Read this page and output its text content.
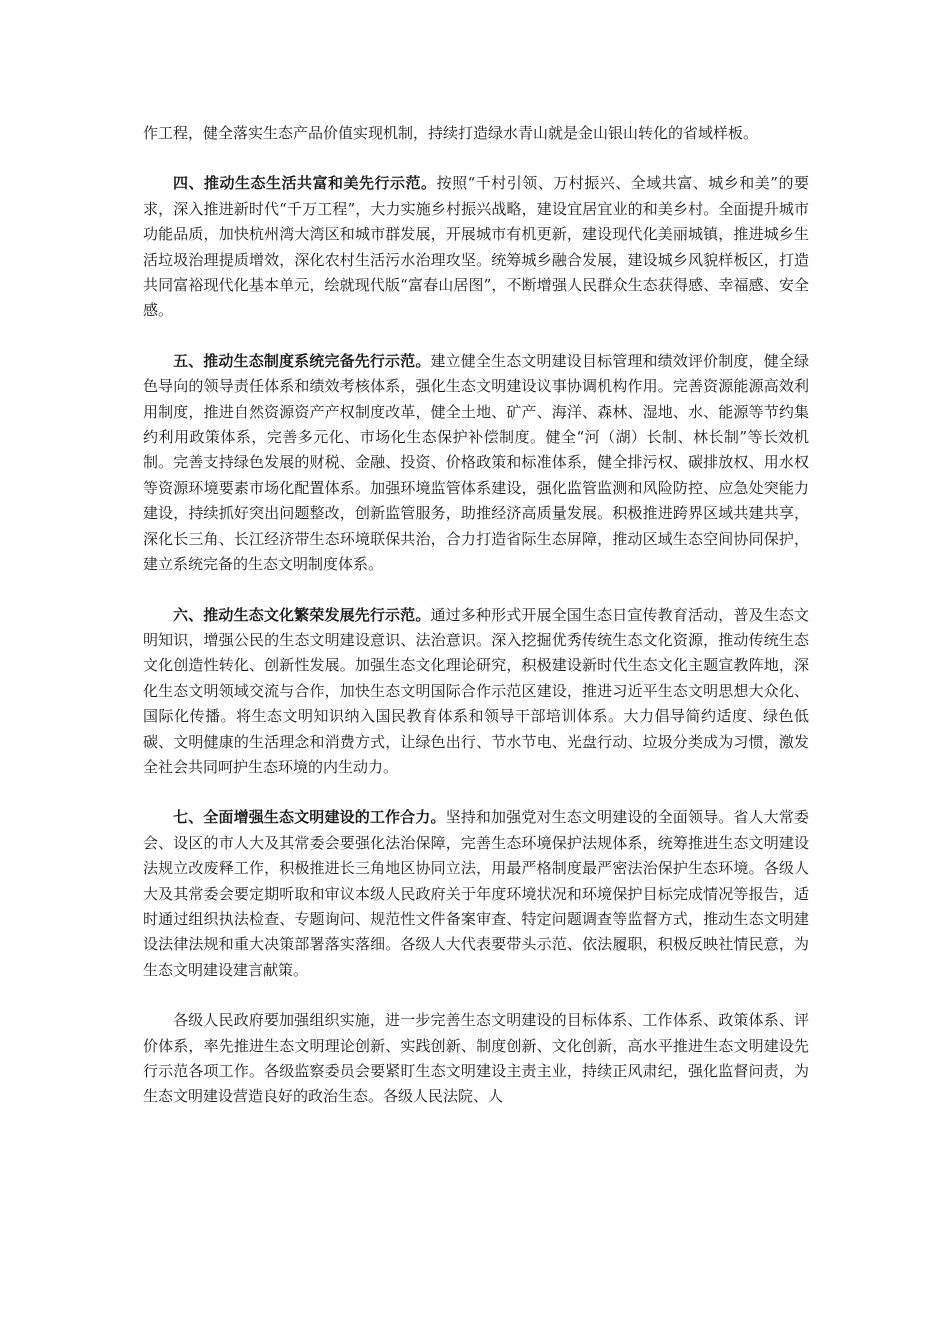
作工程，健全落实生态产品价值实现机制，持续打造绿水青山就是金山银山转化的省域样板。

四、推动生态生活共富和美先行示范。按照“千村引领、万村振兴、全域共富、城乡和美”的要求，深入推进新时代“千万工程”，大力实施乡村振兴战略，建设宜居宜业的和美乡村。全面提升城市功能品质，加快杭州湾大湾区和城市群发展，开展城市有机更新，建设现代化美丽城镇，推进城乡生活垃圾治理提质增效，深化农村生活污水治理攻坚。统筹城乡融合发展，建设城乡风貌样板区，打造共同富裕现代化基本单元，绘就现代版“富春山居图”，不断增强人民群众生态获得感、幸福感、安全感。

五、推动生态制度系统完备先行示范。建立健全生态文明建设目标管理和绩效评价制度，健全绿色导向的领导责任体系和绩效考核体系，强化生态文明建设议事协调机构作用。完善资源能源高效利用制度，推进自然资源资产产权制度改革，健全土地、矿产、海洋、森林、湿地、水、能源等节约集约利用政策体系，完善多元化、市场化生态保护补偿制度。健全“河（湖）长制、林长制”等长效机制。完善支持绿色发展的财税、金融、投资、价格政策和标准体系，健全排污权、碳排放权、用水权等资源环境要素市场化配置体系。加强环境监管体系建设，强化监管监测和风险防控、应急处突能力建设，持续抓好突出问题整改，创新监管服务，助推经济高质量发展。积极推进跨界区域共建共享，深化长三角、长江经济带生态环境联保共治，合力打造省际生态屏障，推动区域生态空间协同保护，建立系统完备的生态文明制度体系。

六、推动生态文化繁荣发展先行示范。通过多种形式开展全国生态日宣传教育活动，普及生态文明知识，增强公民的生态文明建设意识、法治意识。深入挖掘优秀传统生态文化资源，推动传统生态文化创造性转化、创新性发展。加强生态文化理论研究，积极建设新时代生态文化主题宣教阵地，深化生态文明领域交流与合作，加快生态文明国际合作示范区建设，推进习近平生态文明思想大众化、国际化传播。将生态文明知识纳入国民教育体系和领导干部培训体系。大力倡导简约适度、绿色低碳、文明健康的生活理念和消费方式，让绿色出行、节水节电、光盘行动、垃圾分类成为习惯，激发全社会共同呵护生态环境的内生动力。

七、全面增强生态文明建设的工作合力。坚持和加强党对生态文明建设的全面领导。省人大常委会、设区的市人大及其常委会要强化法治保障，完善生态环境保护法规体系，统筹推进生态文明建设法规立改废释工作，积极推进长三角地区协同立法，用最严格制度最严密法治保护生态环境。各级人大及其常委会要定期听取和审议本级人民政府关于年度环境状况和环境保护目标完成情况等报告，适时通过组织执法检查、专题询问、规范性文件备案审查、特定问题调查等监督方式，推动生态文明建设法律法规和重大决策部署落实落细。各级人大代表要带头示范、依法履职，积极反映社情民意，为生态文明建设建言献策。

各级人民政府要加强组织实施，进一步完善生态文明建设的目标体系、工作体系、政策体系、评价体系，率先推进生态文明理论创新、实践创新、制度创新、文化创新，高水平推进生态文明建设先行示范各项工作。各级监察委员会要紧盯生态文明建设主责主业，持续正风肃纪，强化监督问责，为生态文明建设营造良好的政治生态。各级人民法院、人
